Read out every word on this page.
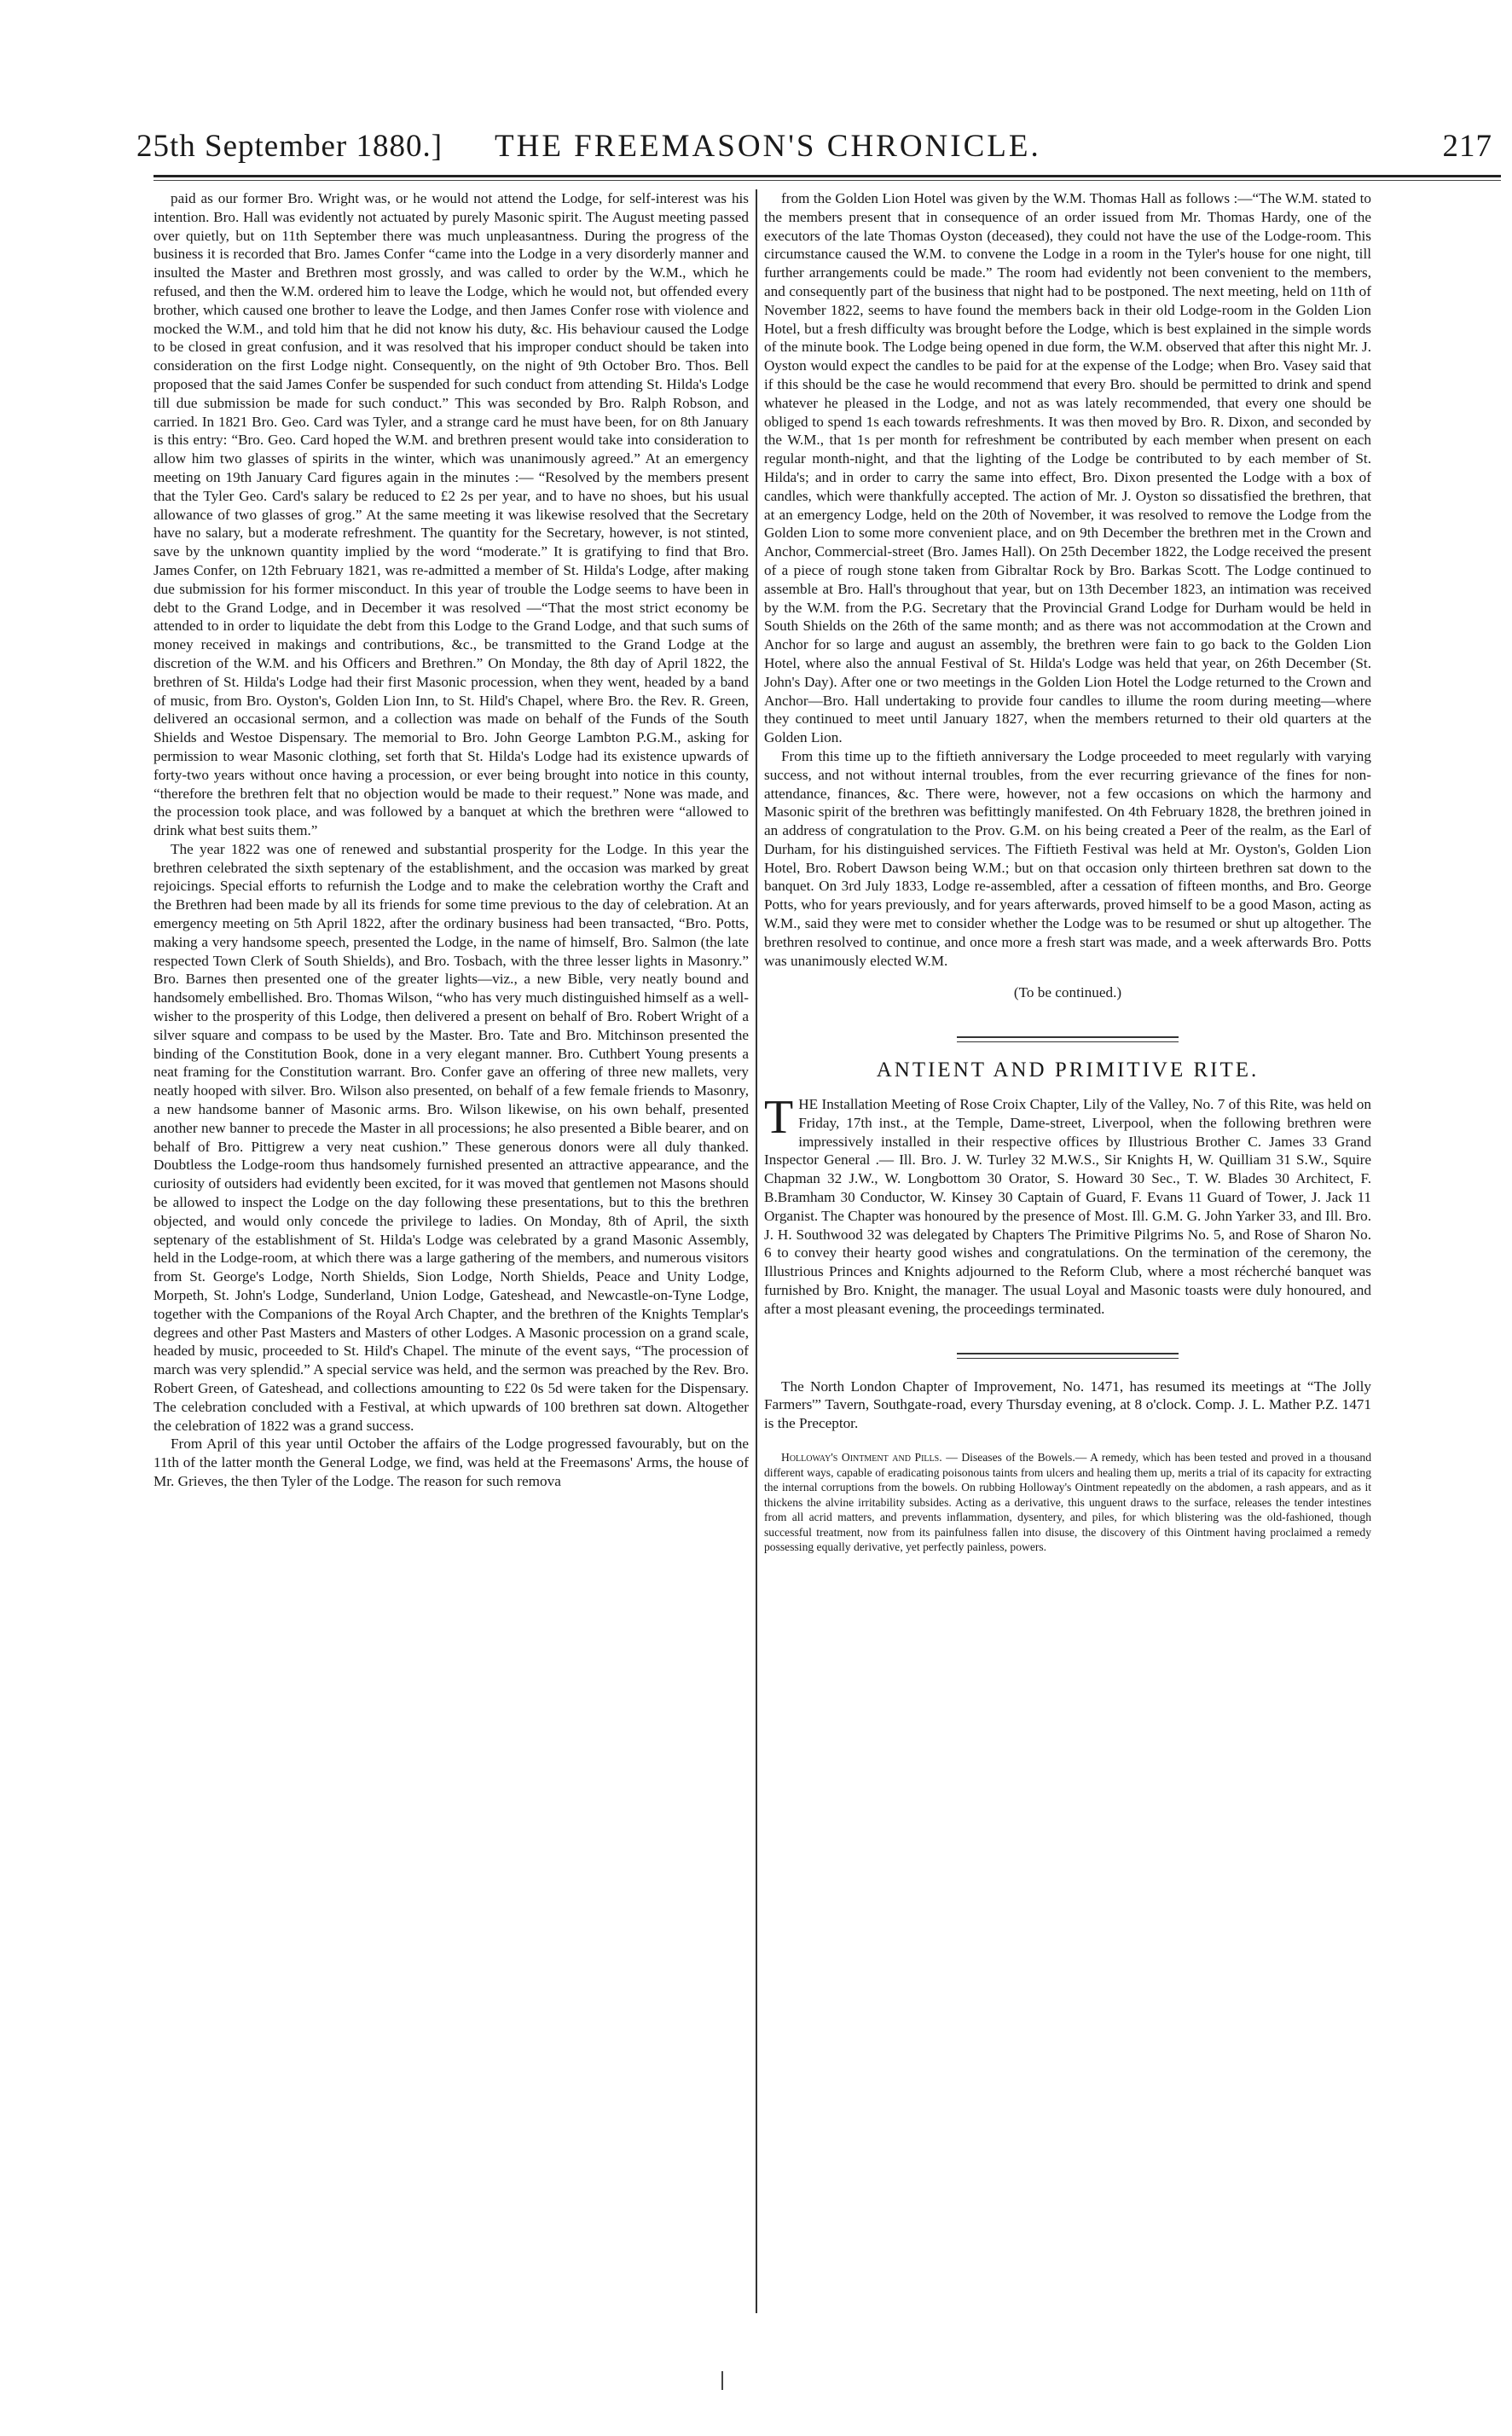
25th September 1880.] THE FREEMASON'S CHRONICLE.	217

paid as our former Bro. Wright was, or he would not attend the Lodge, for self-interest was his intention. Bro. Hall was evidently not actuated by purely Masonic spirit. The August meeting passed over quietly, but on 11th September there was much unpleasantness. During the progress of the business it is recorded that Bro. James Confer “came into the Lodge in a very disorderly manner and insulted the Master and Brethren most grossly, and was called to order by the W.M., which he refused, and then the W.M. ordered him to leave the Lodge, which he would not, but offended every brother, which caused one brother to leave the Lodge, and then James Confer rose with violence and mocked the W.M., and told him that he did not know his duty, &c. His behaviour caused the Lodge to be closed in great confusion, and it was resolved that his improper conduct should be taken into consideration on the first Lodge night. Consequently, on the night of 9th October Bro. Thos. Bell proposed that the said James Confer be suspended for such conduct from attending St. Hilda's Lodge till due submission be made for such conduct.” This was seconded by Bro. Ralph Robson, and carried. In 1821 Bro. Geo. Card was Tyler, and a strange card he must have been, for on 8th January is this entry: “Bro. Geo. Card hoped the W.M. and brethren present would take into consideration to allow him two glasses of spirits in the winter, which was unanimously agreed.” At an emergency meeting on 19th January Card figures again in the minutes :— “Resolved by the members present that the Tyler Geo. Card's salary be reduced to £2 2s per year, and to have no shoes, but his usual allowance of two glasses of grog.” At the same meeting it was likewise resolved that the Secretary have no salary, but a moderate refreshment. The quantity for the Secretary, however, is not stinted, save by the unknown quantity implied by the word “moderate.” It is gratifying to find that Bro. James Confer, on 12th February 1821, was re-admitted a member of St. Hilda's Lodge, after making due submission for his former misconduct. In this year of trouble the Lodge seems to have been in debt to the Grand Lodge, and in December it was resolved —“That the most strict economy be attended to in order to liquidate the debt from this Lodge to the Grand Lodge, and that such sums of money received in makings and contributions, &c., be transmitted to the Grand Lodge at the discretion of the W.M. and his Officers and Brethren.” On Monday, the 8th day of April 1822, the brethren of St. Hilda's Lodge had their first Masonic procession, when they went, headed by a band of music, from Bro. Oyston's, Golden Lion Inn, to St. Hild's Chapel, where Bro. the Rev. R. Green, delivered an occasional sermon, and a collection was made on behalf of the Funds of the South Shields and Westoe Dispensary. The memorial to Bro. John George Lambton P.G.M., asking for permission to wear Masonic clothing, set forth that St. Hilda's Lodge had its existence upwards of forty-two years without once having a procession, or ever being brought into notice in this county, “therefore the brethren felt that no objection would be made to their request.” None was made, and the procession took place, and was followed by a banquet at which the brethren were “allowed to drink what best suits them.”

The year 1822 was one of renewed and substantial prosperity for the Lodge. In this year the brethren celebrated the sixth septenary of the establishment, and the occasion was marked by great rejoicings. Special efforts to refurnish the Lodge and to make the celebration worthy the Craft and the Brethren had been made by all its friends for some time previous to the day of celebration. At an emergency meeting on 5th April 1822, after the ordinary business had been transacted, “Bro. Potts, making a very handsome speech, presented the Lodge, in the name of himself, Bro. Salmon (the late respected Town Clerk of South Shields), and Bro. Tosbach, with the three lesser lights in Masonry.” Bro. Barnes then presented one of the greater lights—viz., a new Bible, very neatly bound and handsomely embellished. Bro. Thomas Wilson, “who has very much distinguished himself as a well-wisher to the prosperity of this Lodge, then delivered a present on behalf of Bro. Robert Wright of a silver square and compass to be used by the Master. Bro. Tate and Bro. Mitchinson presented the binding of the Constitution Book, done in a very elegant manner. Bro. Cuthbert Young presents a neat framing for the Constitution warrant. Bro. Confer gave an offering of three new mallets, very neatly hooped with silver. Bro. Wilson also presented, on behalf of a few female friends to Masonry, a new handsome banner of Masonic arms. Bro. Wilson likewise, on his own behalf, presented another new banner to precede the Master in all processions; he also presented a Bible bearer, and on behalf of Bro. Pittigrew a very neat cushion.” These generous donors were all duly thanked. Doubtless the Lodge-room thus handsomely furnished presented an attractive appearance, and the curiosity of outsiders had evidently been excited, for it was moved that gentlemen not Masons should be allowed to inspect the Lodge on the day following these presentations, but to this the brethren objected, and would only concede the privilege to ladies. On Monday, 8th of April, the sixth septenary of the establishment of St. Hilda's Lodge was celebrated by a grand Masonic Assembly, held in the Lodge-room, at which there was a large gathering of the members, and numerous visitors from St. George's Lodge, North Shields, Sion Lodge, North Shields, Peace and Unity Lodge, Morpeth, St. John's Lodge, Sunderland, Union Lodge, Gateshead, and Newcastle-on-Tyne Lodge, together with the Companions of the Royal Arch Chapter, and the brethren of the Knights Templar's degrees and other Past Masters and Masters of other Lodges. A Masonic procession on a grand scale, headed by music, proceeded to St. Hild's Chapel. The minute of the event says, “The procession of march was very splendid.” A special service was held, and the sermon was preached by the Rev. Bro. Robert Green, of Gateshead, and collections amounting to £22 0s 5d were taken for the Dispensary. The celebration concluded with a Festival, at which upwards of 100 brethren sat down. Altogether the celebration of 1822 was a grand success.

From April of this year until October the affairs of the Lodge progressed favourably, but on the 11th of the latter month the General Lodge, we find, was held at the Freemasons' Arms, the house of Mr. Grieves, the then Tyler of the Lodge. The reason for such remova

from the Golden Lion Hotel was given by the W.M. Thomas Hall as follows :—“The W.M. stated to the members present that in consequence of an order issued from Mr. Thomas Hardy, one of the executors of the late Thomas Oyston (deceased), they could not have the use of the Lodge-room. This circumstance caused the W.M. to convene the Lodge in a room in the Tyler's house for one night, till further arrangements could be made.” The room had evidently not been convenient to the members, and consequently part of the business that night had to be postponed. The next meeting, held on 11th of November 1822, seems to have found the members back in their old Lodge-room in the Golden Lion Hotel, but a fresh difficulty was brought before the Lodge, which is best explained in the simple words of the minute book. The Lodge being opened in due form, the W.M. observed that after this night Mr. J. Oyston would expect the candles to be paid for at the expense of the Lodge; when Bro. Vasey said that if this should be the case he would recommend that every Bro. should be permitted to drink and spend whatever he pleased in the Lodge, and not as was lately recommended, that every one should be obliged to spend 1s each towards refreshments. It was then moved by Bro. R. Dixon, and seconded by the W.M., that 1s per month for refreshment be contributed by each member when present on each regular month-night, and that the lighting of the Lodge be contributed to by each member of St. Hilda's; and in order to carry the same into effect, Bro. Dixon presented the Lodge with a box of candles, which were thankfully accepted. The action of Mr. J. Oyston so dissatisfied the brethren, that at an emergency Lodge, held on the 20th of November, it was resolved to remove the Lodge from the Golden Lion to some more convenient place, and on 9th December the brethren met in the Crown and Anchor, Commercial-street (Bro. James Hall). On 25th December 1822, the Lodge received the present of a piece of rough stone taken from Gibraltar Rock by Bro. Barkas Scott. The Lodge continued to assemble at Bro. Hall's throughout that year, but on 13th December 1823, an intimation was received by the W.M. from the P.G. Secretary that the Provincial Grand Lodge for Durham would be held in South Shields on the 26th of the same month; and as there was not accommodation at the Crown and Anchor for so large and august an assembly, the brethren were fain to go back to the Golden Lion Hotel, where also the annual Festival of St. Hilda's Lodge was held that year, on 26th December (St. John's Day). After one or two meetings in the Golden Lion Hotel the Lodge returned to the Crown and Anchor—Bro. Hall undertaking to provide four candles to illume the room during meeting—where they continued to meet until January 1827, when the members returned to their old quarters at the Golden Lion.

From this time up to the fiftieth anniversary the Lodge proceeded to meet regularly with varying success, and not without internal troubles, from the ever recurring grievance of the fines for non-attendance, finances, &c. There were, however, not a few occasions on which the harmony and Masonic spirit of the brethren was befittingly manifested. On 4th February 1828, the brethren joined in an address of congratulation to the Prov. G.M. on his being created a Peer of the realm, as the Earl of Durham, for his distinguished services. The Fiftieth Festival was held at Mr. Oyston's, Golden Lion Hotel, Bro. Robert Dawson being W.M.; but on that occasion only thirteen brethren sat down to the banquet. On 3rd July 1833, Lodge re-assembled, after a cessation of fifteen months, and Bro. George Potts, who for years previously, and for years afterwards, proved himself to be a good Mason, acting as W.M., said they were met to consider whether the Lodge was to be resumed or shut up altogether. The brethren resolved to continue, and once more a fresh start was made, and a week afterwards Bro. Potts was unanimously elected W.M.

(To be continued.)

ANTIENT AND PRIMITIVE RITE.

THE Installation Meeting of Rose Croix Chapter, Lily of the Valley, No. 7 of this Rite, was held on Friday, 17th inst., at the Temple, Dame-street, Liverpool, when the following brethren were impressively installed in their respective offices by Illustrious Brother C. James 33 Grand Inspector General .— Ill. Bro. J. W. Turley 32 M.W.S., Sir Knights H, W. Quilliam 31 S.W., Squire Chapman 32 J.W., W. Longbottom 30 Orator, S. Howard 30 Sec., T. W. Blades 30 Architect, F. B.Bramham 30 Conductor, W. Kinsey 30 Captain of Guard, F. Evans 11 Guard of Tower, J. Jack 11 Organist. The Chapter was honoured by the presence of Most. Ill. G.M. G. John Yarker 33, and Ill. Bro. J. H. Southwood 32 was delegated by Chapters The Primitive Pilgrims No. 5, and Rose of Sharon No. 6 to convey their hearty good wishes and congratulations. On the termination of the ceremony, the Illustrious Princes and Knights adjourned to the Reform Club, where a most récherché banquet was furnished by Bro. Knight, the manager. The usual Loyal and Masonic toasts were duly honoured, and after a most pleasant evening, the proceedings terminated.

The North London Chapter of Improvement, No. 1471, has resumed its meetings at “The Jolly Farmers'” Tavern, Southgate-road, every Thursday evening, at 8 o'clock. Comp. J. L. Mather P.Z. 1471 is the Preceptor.

Holloway's Ointment and Pills. — Diseases of the Bowels.— A remedy, which has been tested and proved in a thousand different ways, capable of eradicating poisonous taints from ulcers and healing them up, merits a trial of its capacity for extracting the internal corruptions from the bowels. On rubbing Holloway's Ointment repeatedly on the abdomen, a rash appears, and as it thickens the alvine irritability subsides. Acting as a derivative, this unguent draws to the surface, releases the tender intestines from all acrid matters, and prevents inflammation, dysentery, and piles, for which blistering was the old-fashioned, though successful treatment, now from its painfulness fallen into disuse, the discovery of this Ointment having proclaimed a remedy possessing equally derivative, yet perfectly painless, powers.
